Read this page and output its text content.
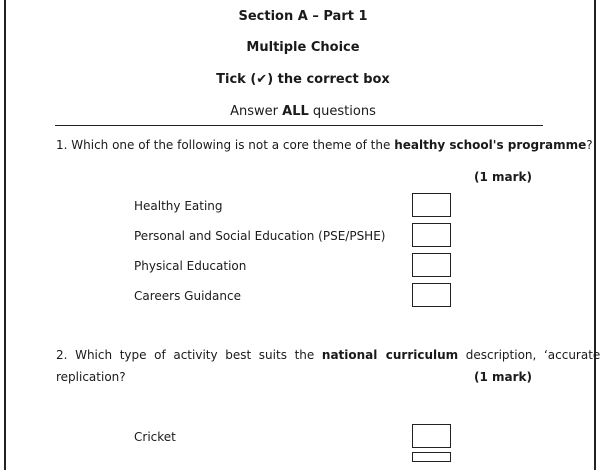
Section A – Part 1
Multiple Choice
Tick (✔) the correct box
Answer ALL questions
1. Which one of the following is not a core theme of the healthy school's programme?
(1 mark)
Healthy Eating
Personal and Social Education (PSE/PSHE)
Physical Education
Careers Guidance
2.  Which  type  of  activity  best  suits  the  national  curriculum  description,  ‘accurate
replication?	(1 mark)
Cricket
